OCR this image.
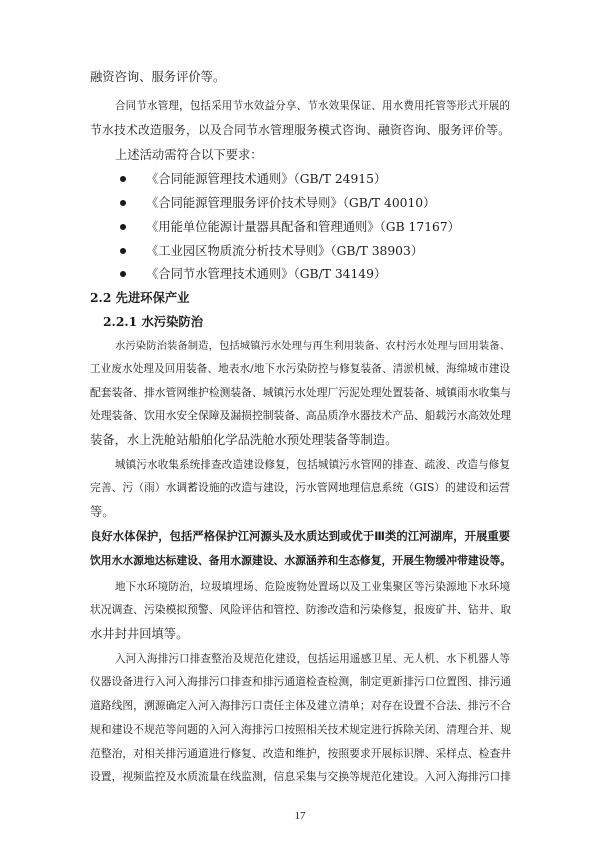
融资咨询、服务评价等。
合同节水管理，包括采用节水效益分享、节水效果保证、用水费用托管等形式开展的
节水技术改造服务，以及合同节水管理服务模式咨询、融资咨询、服务评价等。
上述活动需符合以下要求：
《合同能源管理技术通则》（GB/T 24915）
《合同能源管理服务评价技术导则》（GB/T 40010）
《用能单位能源计量器具配备和管理通则》（GB 17167）
《工业园区物质流分析技术导则》（GB/T 38903）
《合同节水管理技术通则》（GB/T 34149）
2.2 先进环保产业
2.2.1 水污染防治
水污染防治装备制造，包括城镇污水处理与再生利用装备、农村污水处理与回用装备、
工业废水处理及回用装备、地表水/地下水污染防控与修复装备、清淤机械、海绵城市建设
配套装备、排水管网维护检测装备、城镇污水处理厂污泥处理处置装备、城镇雨水收集与
处理装备、饮用水安全保障及漏损控制装备、高品质净水器技术产品、船载污水高效处理
装备，水上洗舱站船舶化学品洗舱水预处理装备等制造。
城镇污水收集系统排查改造建设修复，包括城镇污水管网的排查、疏浚、改造与修复
完善、污（雨）水调蓄设施的改造与建设，污水管网地理信息系统（GIS）的建设和运营
等。
良好水体保护，包括严格保护江河源头及水质达到或优于Ⅲ类的江河湖库，开展重要
饮用水水源地达标建设、备用水源建设、水源涵养和生态修复，开展生物缓冲带建设等。
地下水环境防治，垃圾填埋场、危险废物处置场以及工业集聚区等污染源地下水环境
状况调查、污染模拟预警、风险评估和管控、防渗改造和污染修复，报废矿井、钻井、取
水井封井回填等。
入河入海排污口排查整治及规范化建设，包括运用遥感卫星、无人机、水下机器人等
仪器设备进行入河入海排污口排查和排污通道检查检测，制定更新排污口位置图、排污通
道路线图，溯源确定入河入海排污口责任主体及建立清单；对存在设置不合法、排污不合
规和建设不规范等问题的入河入海排污口按照相关技术规定进行拆除关闭、清理合并、规
范整治，对相关排污通道进行修复、改造和维护，按照要求开展标识牌、采样点、检查井
设置，视频监控及水质流量在线监测，信息采集与交换等规范化建设。入河入海排污口排
17
